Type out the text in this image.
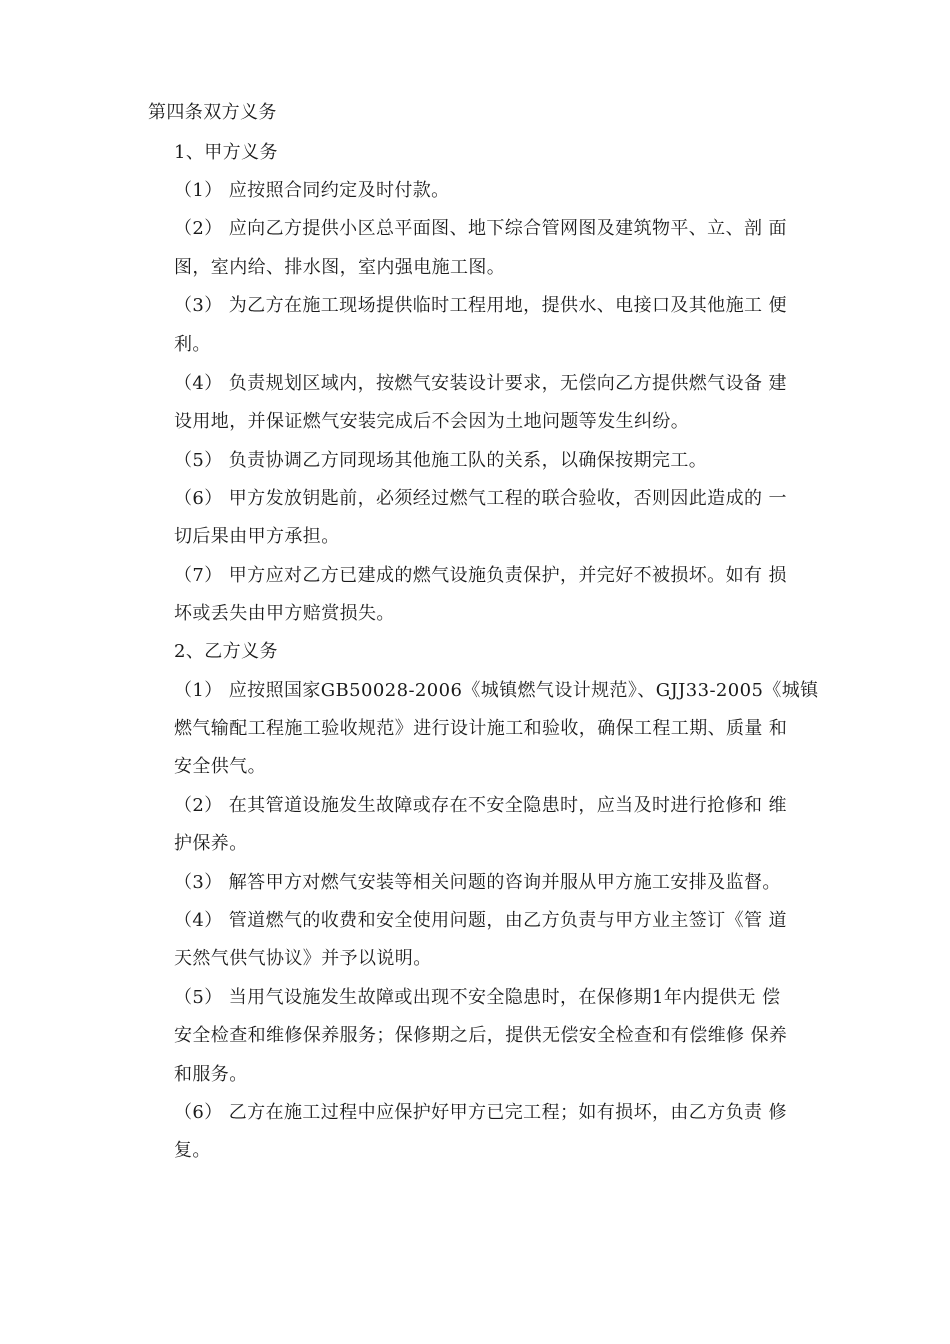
第四条双方义务
1、甲方义务
（1） 应按照合同约定及时付款。
（2） 应向乙方提供小区总平面图、地下综合管网图及建筑物平、立、剖 面
图，室内给、排水图，室内强电施工图。
（3） 为乙方在施工现场提供临时工程用地，提供水、电接口及其他施工 便
利。
（4） 负责规划区域内，按燃气安装设计要求，无偿向乙方提供燃气设备 建
设用地，并保证燃气安装完成后不会因为土地问题等发生纠纷。
（5） 负责协调乙方同现场其他施工队的关系，以确保按期完工。
（6） 甲方发放钥匙前，必须经过燃气工程的联合验收，否则因此造成的 一
切后果由甲方承担。
（7） 甲方应对乙方已建成的燃气设施负责保护，并完好不被损坏。如有 损
坏或丢失由甲方赔赏损失。
2、乙方义务
（1） 应按照国家GB50028-2006《城镇燃气设计规范》、GJJ33-2005《城镇
燃气输配工程施工验收规范》进行设计施工和验收，确保工程工期、质量 和
安全供气。
（2） 在其管道设施发生故障或存在不安全隐患时，应当及时进行抢修和 维
护保养。
（3） 解答甲方对燃气安装等相关问题的咨询并服从甲方施工安排及监督。
（4） 管道燃气的收费和安全使用问题，由乙方负责与甲方业主签订《管 道
天然气供气协议》并予以说明。
（5） 当用气设施发生故障或出现不安全隐患时，在保修期1年内提供无 偿
安全检查和维修保养服务；保修期之后，提供无偿安全检查和有偿维修 保养
和服务。
（6） 乙方在施工过程中应保护好甲方已完工程；如有损坏，由乙方负责 修
复。
